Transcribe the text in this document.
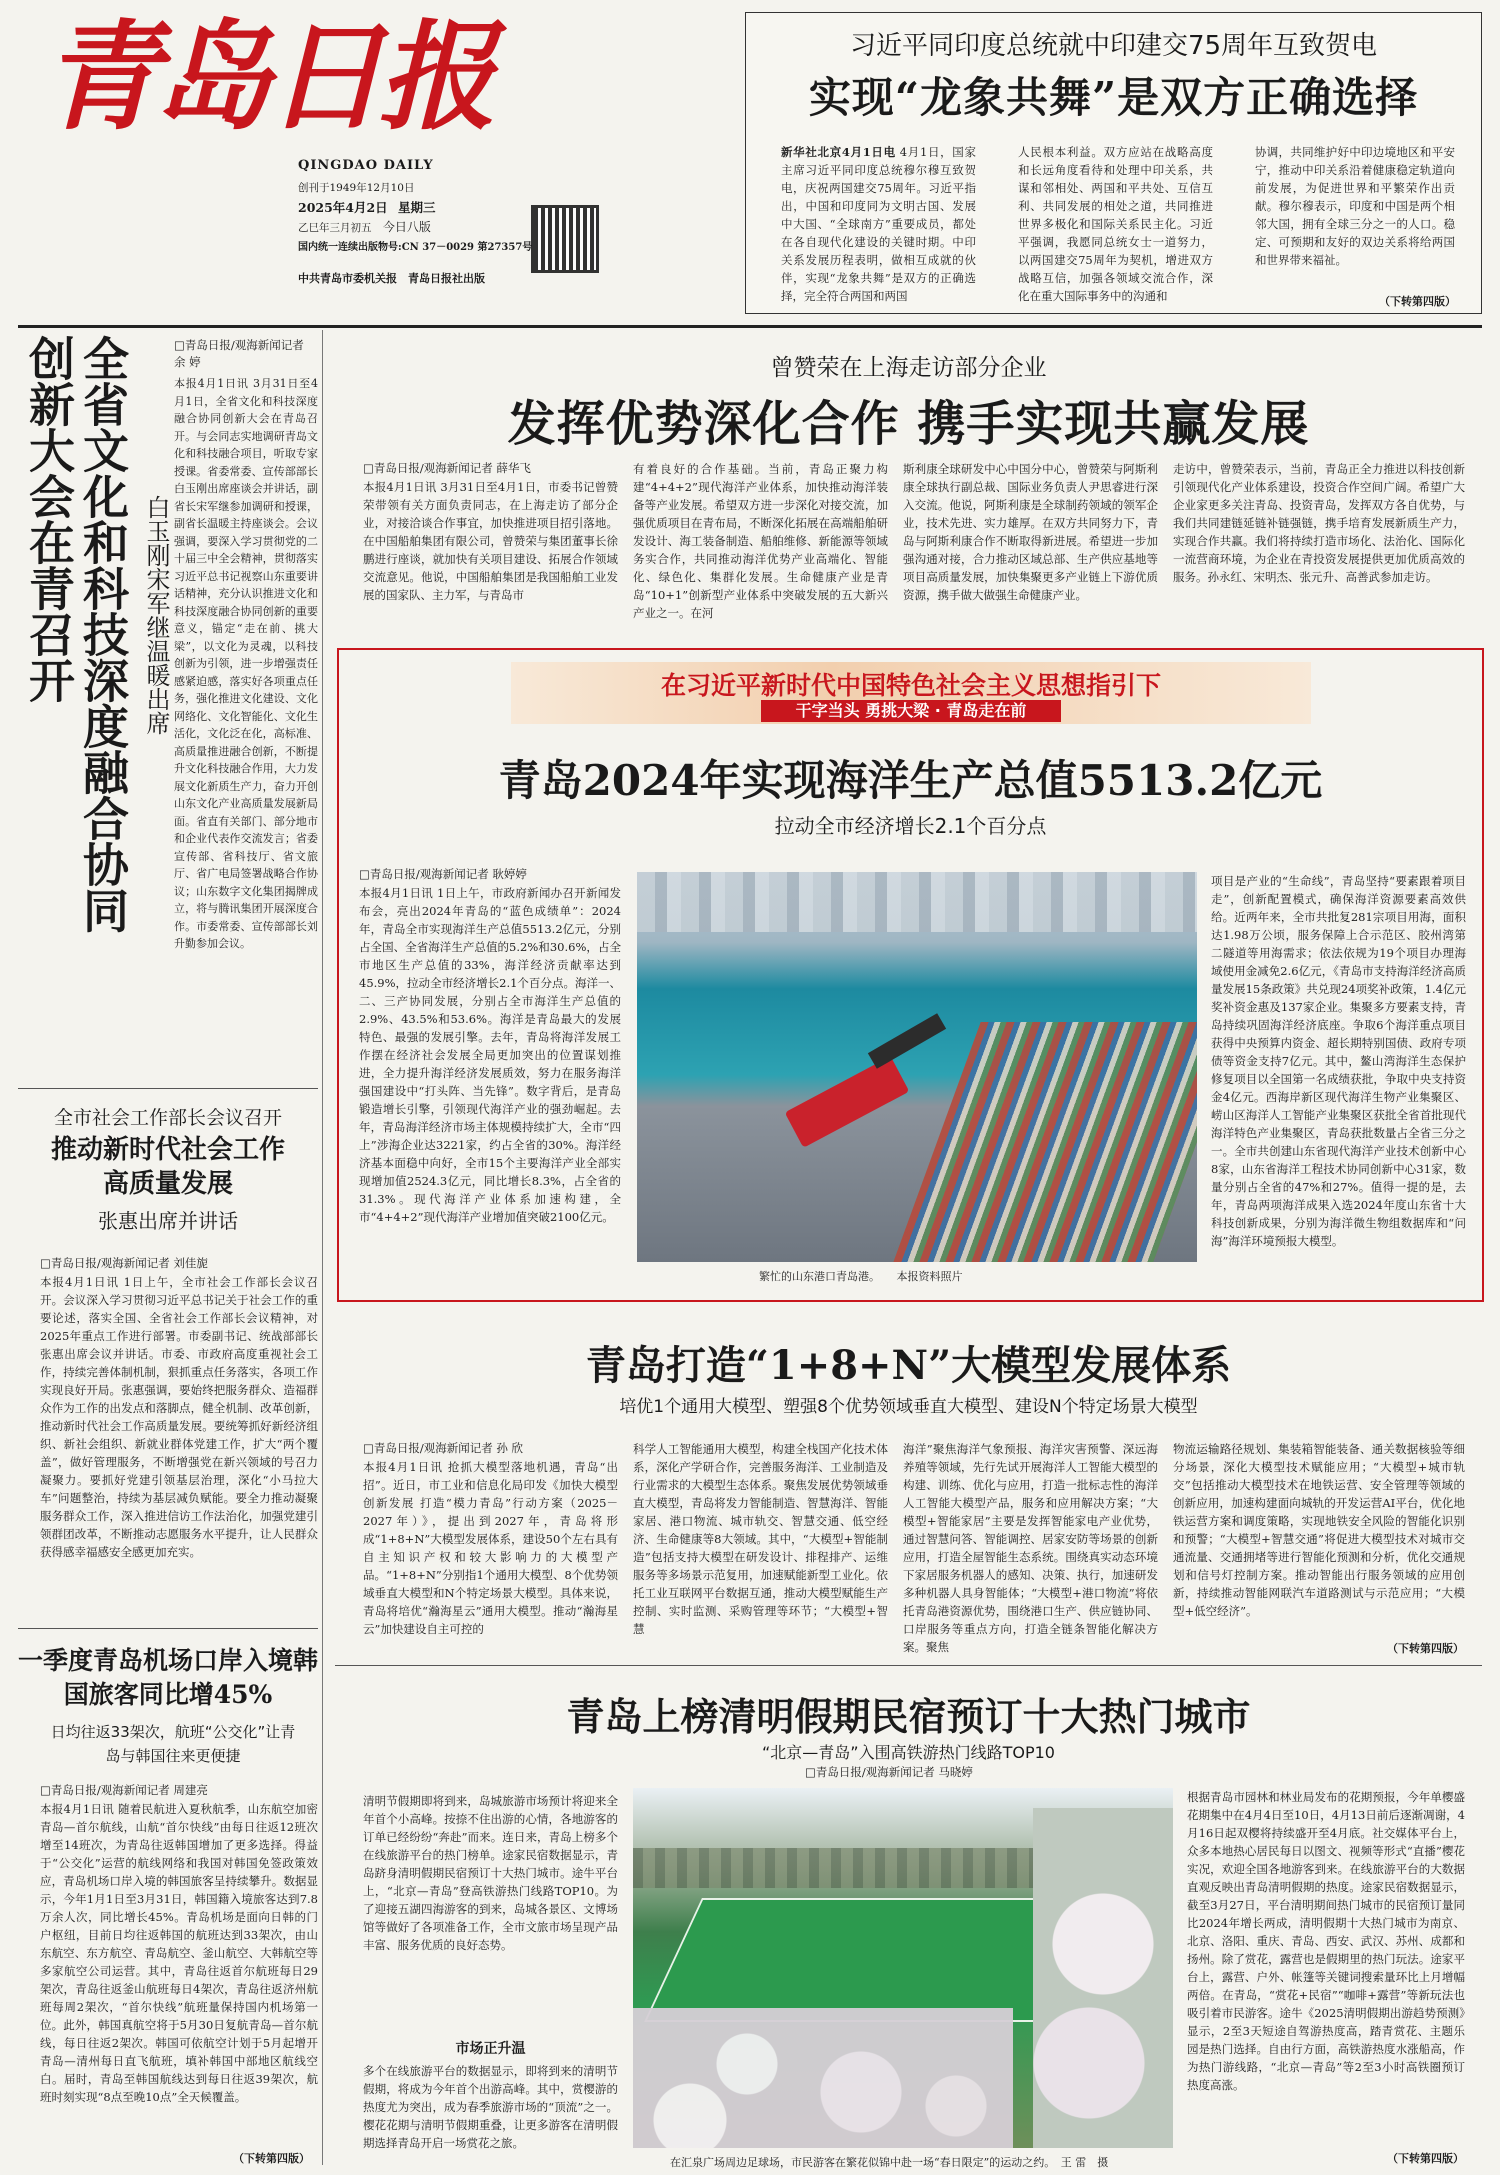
青岛日报
QINGDAO DAILY
创刊于1949年12月10日
2025年4月2日 星期三
乙巳年三月初五 今日八版
国内统一连续出版物号:CN 37－0029 第27357号
中共青岛市委机关报　青岛日报社出版
习近平同印度总统就中印建交75周年互致贺电
实现“龙象共舞”是双方正确选择
新华社北京4月1日电 4月1日，国家主席习近平同印度总统穆尔穆互致贺电，庆祝两国建交75周年。习近平指出，中国和印度同为文明古国、发展中大国、“全球南方”重要成员，都处在各自现代化建设的关键时期。中印关系发展历程表明，做相互成就的伙伴，实现“龙象共舞”是双方的正确选择，完全符合两国和两国
人民根本利益。双方应站在战略高度和长远角度看待和处理中印关系，共谋和邻相处、两国和平共处、互信互利、共同发展的相处之道，共同推进世界多极化和国际关系民主化。习近平强调，我愿同总统女士一道努力，以两国建交75周年为契机，增进双方战略互信，加强各领域交流合作，深化在重大国际事务中的沟通和
协调，共同维护好中印边境地区和平安宁，推动中印关系沿着健康稳定轨道向前发展，为促进世界和平繁荣作出贡献。穆尔穆表示，印度和中国是两个相邻大国，拥有全球三分之一的人口。稳定、可预期和友好的双边关系将给两国和世界带来福祉。
（下转第四版）
全省文化和科技深度融合协同创新大会在青召开	白玉刚宋军继温暖出席
□青岛日报/观海新闻记者 余 婷
本报4月1日讯 3月31日至4月1日，全省文化和科技深度融合协同创新大会在青岛召开。与会同志实地调研青岛文化和科技融合项目，听取专家授课。省委常委、宣传部部长白玉刚出席座谈会并讲话，副省长宋军继参加调研和授课，副省长温暖主持座谈会。会议强调，要深入学习贯彻党的二十届三中全会精神，贯彻落实习近平总书记视察山东重要讲话精神，充分认识推进文化和科技深度融合协同创新的重要意义，锚定“走在前、挑大梁”，以文化为灵魂，以科技创新为引领，进一步增强责任感紧迫感，落实好各项重点任务，强化推进文化建设、文化网络化、文化智能化、文化生活化，文化泛在化，高标准、高质量推进融合创新，不断提升文化科技融合作用，大力发展文化新质生产力，奋力开创山东文化产业高质量发展新局面。省直有关部门、部分地市和企业代表作交流发言；省委宣传部、省科技厅、省文旅厅、省广电局签署战略合作协议；山东数字文化集团揭牌成立，将与腾讯集团开展深度合作。市委常委、宣传部部长刘升勤参加会议。
全市社会工作部长会议召开
推动新时代社会工作高质量发展
张惠出席并讲话
□青岛日报/观海新闻记者 刘佳旎
本报4月1日讯 1日上午，全市社会工作部长会议召开。会议深入学习贯彻习近平总书记关于社会工作的重要论述，落实全国、全省社会工作部长会议精神，对2025年重点工作进行部署。市委副书记、统战部部长张惠出席会议并讲话。市委、市政府高度重视社会工作，持续完善体制机制，狠抓重点任务落实，各项工作实现良好开局。张惠强调，要始终把服务群众、造福群众作为工作的出发点和落脚点，健全机制、改革创新，推动新时代社会工作高质量发展。要统筹抓好新经济组织、新社会组织、新就业群体党建工作，扩大“两个覆盖”，做好管理服务，不断增强党在新兴领域的号召力凝聚力。要抓好党建引领基层治理，深化“小马拉大车”问题整治，持续为基层减负赋能。要全力推动凝聚服务群众工作，深入推进信访工作法治化，加强党建引领群团改革，不断推动志愿服务水平提升，让人民群众获得感幸福感安全感更加充实。
一季度青岛机场口岸入境韩国旅客同比增45%
日均往返33架次，航班“公交化”让青岛与韩国往来更便捷
□青岛日报/观海新闻记者 周建亮
本报4月1日讯 随着民航进入夏秋航季，山东航空加密青岛—首尔航线，山航“首尔快线”由每日往返12班次增至14班次，为青岛往返韩国增加了更多选择。得益于“公交化”运营的航线网络和我国对韩国免签政策效应，青岛机场口岸入境的韩国旅客呈持续攀升。数据显示，今年1月1日至3月31日，韩国籍入境旅客达到7.8万余人次，同比增长45%。青岛机场是面向日韩的门户枢纽，目前日均往返韩国的航班达到33架次，由山东航空、东方航空、青岛航空、釜山航空、大韩航空等多家航空公司运营。其中，青岛往返首尔航班每日29架次，青岛往返釜山航班每日4架次，青岛往返济州航班每周2架次，“首尔快线”航班量保持国内机场第一位。此外，韩国真航空将于5月30日复航青岛—首尔航线，每日往返2架次。韩国可依航空计划于5月起增开青岛—清州每日直飞航班，填补韩国中部地区航线空白。届时，青岛至韩国航线达到每日往返39架次，航班时刻实现“8点至晚10点”全天候覆盖。
（下转第四版）
曾赞荣在上海走访部分企业
发挥优势深化合作 携手实现共赢发展
□青岛日报/观海新闻记者 薛华飞
本报4月1日讯 3月31日至4月1日，市委书记曾赞荣带领有关方面负责同志，在上海走访了部分企业，对接洽谈合作事宜，加快推进项目招引落地。在中国船舶集团有限公司，曾赞荣与集团董事长徐鹏进行座谈，就加快有关项目建设、拓展合作领域交流意见。他说，中国船舶集团是我国船舶工业发展的国家队、主力军，与青岛市
有着良好的合作基础。当前，青岛正聚力构建“4+4+2”现代海洋产业体系，加快推动海洋装备等产业发展。希望双方进一步深化对接交流，加强优质项目在青布局，不断深化拓展在高端船舶研发设计、海工装备制造、船舶维修、新能源等领域务实合作，共同推动海洋优势产业高端化、智能化、绿色化、集群化发展。生命健康产业是青岛“10+1”创新型产业体系中突破发展的五大新兴产业之一。在河
斯利康全球研发中心中国分中心，曾赞荣与阿斯利康全球执行副总裁、国际业务负责人尹思睿进行深入交流。他说，阿斯利康是全球制药领域的领军企业，技术先进、实力雄厚。在双方共同努力下，青岛与阿斯利康合作不断取得新进展。希望进一步加强沟通对接，合力推动区域总部、生产供应基地等项目高质量发展，加快集聚更多产业链上下游优质资源，携手做大做强生命健康产业。
走访中，曾赞荣表示，当前，青岛正全力推进以科技创新引领现代化产业体系建设，投资合作空间广阔。希望广大企业家更多关注青岛、投资青岛，发挥双方各自优势，与我们共同建链延链补链强链，携手培育发展新质生产力，实现合作共赢。我们将持续打造市场化、法治化、国际化一流营商环境，为企业在青投资发展提供更加优质高效的服务。孙永红、宋明杰、张元升、高善武参加走访。
在习近平新时代中国特色社会主义思想指引下
干字当头 勇挑大梁 · 青岛走在前
青岛2024年实现海洋生产总值5513.2亿元
拉动全市经济增长2.1个百分点
□青岛日报/观海新闻记者 耿婷婷
本报4月1日讯 1日上午，市政府新闻办召开新闻发布会，亮出2024年青岛的“蓝色成绩单”：2024年，青岛全市实现海洋生产总值5513.2亿元，分别占全国、全省海洋生产总值的5.2%和30.6%，占全市地区生产总值的33%，海洋经济贡献率达到45.9%，拉动全市经济增长2.1个百分点。海洋一、二、三产协同发展，分别占全市海洋生产总值的2.9%、43.5%和53.6%。海洋是青岛最大的发展特色、最强的发展引擎。去年，青岛将海洋发展工作摆在经济社会发展全局更加突出的位置谋划推进，全力提升海洋经济发展质效，努力在服务海洋强国建设中“打头阵、当先锋”。数字背后，是青岛锻造增长引擎，引领现代海洋产业的强劲崛起。去年，青岛海洋经济市场主体规模持续扩大，全市“四上”涉海企业达3221家，约占全省的30%。海洋经济基本面稳中向好，全市15个主要海洋产业全部实现增加值2524.3亿元，同比增长8.3%，占全省的31.3%。现代海洋产业体系加速构建，全市“4+4+2”现代海洋产业增加值突破2100亿元。
繁忙的山东港口青岛港。　　本报资料照片
项目是产业的“生命线”，青岛坚持“要素跟着项目走”，创新配置模式，确保海洋资源要素高效供给。近两年来，全市共批复281宗项目用海，面积达1.98万公顷，服务保障上合示范区、胶州湾第二隧道等用海需求；依法依规为19个项目办理海域使用金减免2.6亿元，《青岛市支持海洋经济高质量发展15条政策》共兑现24项奖补政策，1.4亿元奖补资金惠及137家企业。集聚多方要素支持，青岛持续巩固海洋经济底座。争取6个海洋重点项目获得中央预算内资金、超长期特别国债、政府专项债等资金支持7亿元。其中，鳌山湾海洋生态保护修复项目以全国第一名成绩获批，争取中央支持资金4亿元。西海岸新区现代海洋生物产业集聚区、崂山区海洋人工智能产业集聚区获批全省首批现代海洋特色产业集聚区，青岛获批数量占全省三分之一。全市共创建山东省现代海洋产业技术创新中心8家，山东省海洋工程技术协同创新中心31家，数量分别占全省的47%和27%。值得一提的是，去年，青岛两项海洋成果入选2024年度山东省十大科技创新成果，分别为海洋微生物组数据库和“问海”海洋环境预报大模型。
青岛打造“1+8+N”大模型发展体系
培优1个通用大模型、塑强8个优势领域垂直大模型、建设N个特定场景大模型
□青岛日报/观海新闻记者 孙 欣
本报4月1日讯 抢抓大模型落地机遇，青岛“出招”。近日，市工业和信息化局印发《加快大模型创新发展 打造“模力青岛”行动方案（2025－2027年）》，提出到2027年，青岛将形成“1+8+N”大模型发展体系，建设50个左右具有自主知识产权和较大影响力的大模型产品。“1+8+N”分别指1个通用大模型、8个优势领域垂直大模型和N个特定场景大模型。具体来说，青岛将培优“瀚海星云”通用大模型。推动“瀚海星云”加快建设自主可控的
科学人工智能通用大模型，构建全栈国产化技术体系，深化产学研合作，完善服务海洋、工业制造及行业需求的大模型生态体系。聚焦发展优势领域垂直大模型，青岛将发力智能制造、智慧海洋、智能家居、港口物流、城市轨交、智慧交通、低空经济、生命健康等8大领域。其中，“大模型+智能制造”包括支持大模型在研发设计、排程排产、运维服务等多场景示范复用，加速赋能新型工业化。依托工业互联网平台数据互通，推动大模型赋能生产控制、实时监测、采购管理等环节；“大模型+智慧
海洋”聚焦海洋气象预报、海洋灾害预警、深远海养殖等领域，先行先试开展海洋人工智能大模型的构建、训练、优化与应用，打造一批标志性的海洋人工智能大模型产品，服务和应用解决方案；“大模型+智能家居”主要是发挥智能家电产业优势，通过智慧问答、智能调控、居家安防等场景的创新应用，打造全屋智能生态系统。围绕真实动态环境下家居服务机器人的感知、决策、执行，加速研发多种机器人具身智能体；“大模型+港口物流”将依托青岛港资源优势，围绕港口生产、供应链协同、口岸服务等重点方向，打造全链条智能化解决方案。聚焦
物流运输路径规划、集装箱智能装备、通关数据核验等细分场景，深化大模型技术赋能应用；“大模型+城市轨交”包括推动大模型技术在地铁运营、安全管理等领域的创新应用，加速构建面向城轨的开发运营AI平台，优化地铁运营方案和调度策略，实现地铁安全风险的智能化识别和预警；“大模型+智慧交通”将促进大模型技术对城市交通流量、交通拥堵等进行智能化预测和分析，优化交通规划和信号灯控制方案。推动智能出行服务领域的应用创新，持续推动智能网联汽车道路测试与示范应用；“大模型+低空经济”。
（下转第四版）
青岛上榜清明假期民宿预订十大热门城市
“北京—青岛”入围高铁游热门线路TOP10
□青岛日报/观海新闻记者 马晓婷
清明节假期即将到来，岛城旅游市场预计将迎来全年首个小高峰。按捺不住出游的心情，各地游客的订单已经纷纷“奔赴”而来。连日来，青岛上榜多个在线旅游平台的热门榜单。途家民宿数据显示，青岛跻身清明假期民宿预订十大热门城市。途牛平台上，“北京—青岛”登高铁游热门线路TOP10。为了迎接五湖四海游客的到来，岛城各景区、文博场馆等做好了各项准备工作，全市文旅市场呈现产品丰富、服务优质的良好态势。
市场正升温
多个在线旅游平台的数据显示，即将到来的清明节假期，将成为今年首个出游高峰。其中，赏樱游的热度尤为突出，成为春季旅游市场的“顶流”之一。樱花花期与清明节假期重叠，让更多游客在清明假期选择青岛开启一场赏花之旅。
在汇泉广场周边足球场，市民游客在繁花似锦中赴一场“春日限定”的运动之约。　王 雷　摄
根据青岛市园林和林业局发布的花期预报，今年单樱盛花期集中在4月4日至10日，4月13日前后逐渐凋谢，4月16日起双樱将持续盛开至4月底。社交媒体平台上，众多本地热心居民每日以图文、视频等形式“直播”樱花实况，欢迎全国各地游客到来。在线旅游平台的大数据直观反映出青岛清明假期的热度。途家民宿数据显示，截至3月27日，平台清明期间热门城市的民宿预订量同比2024年增长两成，清明假期十大热门城市为南京、北京、洛阳、重庆、青岛、西安、武汉、苏州、成都和扬州。除了赏花，露营也是假期里的热门玩法。途家平台上，露营、户外、帐篷等关键词搜索量环比上月增幅两倍。在青岛，“赏花+民宿”“咖啡+露营”等新玩法也吸引着市民游客。途牛《2025清明假期出游趋势预测》显示，2至3天短途自驾游热度高，踏青赏花、主题乐园是热门选择。自由行方面，高铁游热度水涨船高，作为热门游线路，“北京—青岛”等2至3小时高铁圈预订热度高涨。
（下转第四版）
